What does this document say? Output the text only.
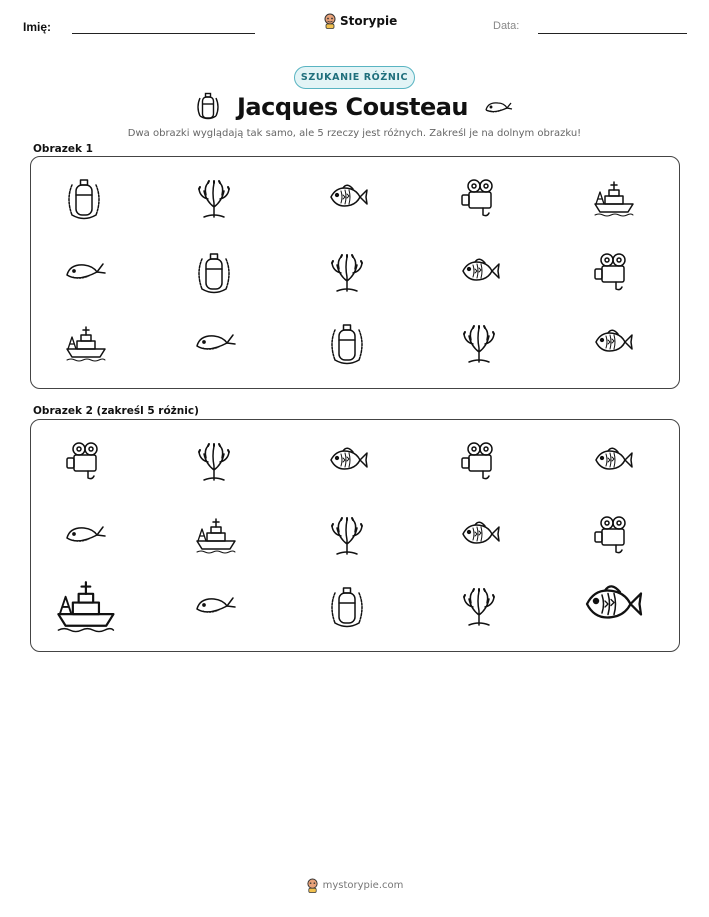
Imię:	Storypie	Data:
SZUKANIE RÓŻNIC
Jacques Cousteau
Dwa obrazki wyglądają tak samo, ale 5 rzeczy jest różnych. Zakreśl je na dolnym obrazku!
Obrazek 1
Obrazek 2 (zakreśl 5 różnic)
mystorypie.com
